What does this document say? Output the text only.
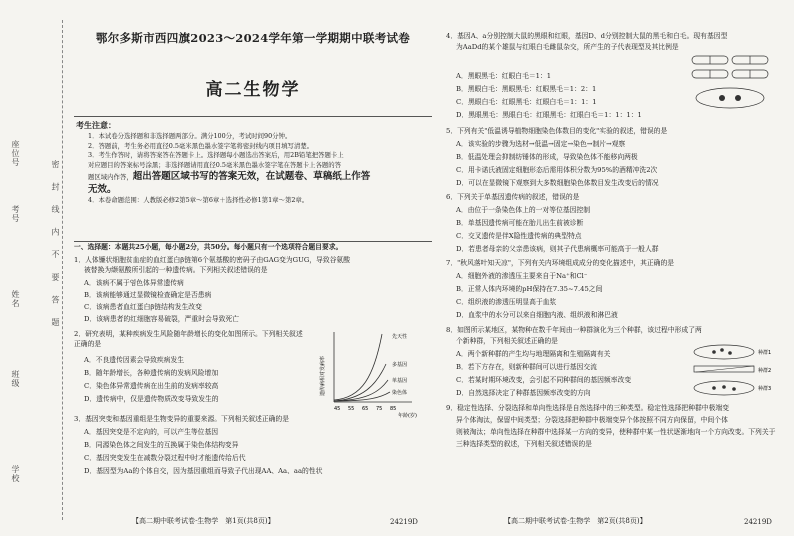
学校
班级
姓名
考号
座位号
密 封 线 内 不 要 答 题
鄂尔多斯市西四旗2023～2024学年第一学期期中联考试卷
高二生物学
考生注意：
1．本试卷分选择题和非选择题两部分。满分100分，考试时间90分钟。
2．答题前，考生务必用直径0.5毫米黑色墨水签字笔将密封线内项目填写清楚。
3．考生作答时，请将答案答在答题卡上。选择题每小题选出答案后，用2B铅笔把答题卡上
对应题目的答案标号涂黑；非选择题请用直径0.5毫米黑色墨水签字笔在答题卡上各题的答
题区域内作答，超出答题区域书写的答案无效，在试题卷、草稿纸上作答
无效。
4．本卷命题范围：人教版必修2第5章～第6章＋选择性必修1第1章～第2章。
一、选择题：本题共25小题，每小题2分，共50分。每小题只有一个选项符合题目要求。
1．人体镰状细胞贫血症的血红蛋白β链第6个氨基酸的密码子由GAG变为GUG，导致谷氨酸
被替换为缬氨酸所引起的一种遗传病。下列相关叙述错误的是
A．该病不属于염色体异常遗传病
B．该病能够通过显微镜检查确定是否患病
C．该病患者血红蛋白β链结构发生改变
D．该病患者的红细胞容易破裂，严重时会导致死亡
2．研究表明，某种疾病发生风险随年龄增长的变化如图所示。下列相关叙述正确的是
A．不良遗传因素会导致疾病发生
B．随年龄增长，各种遗传病的发病风险增加
C．染色体异常遗传病在出生前的发病率较高
D．遗传病中，仅是遗传物质改变导致发生的
先天性
多基因
单基因
染色体
45 55 65 75 85
年龄(岁)
遗传病相对发病率
3．基因突变和基因重组是生物变异的重要来源。下列相关叙述正确的是
A．基因突变是不定向的，可以产生等位基因
B．同源染色体之间发生的互换属于染色体结构变异
C．基因突变发生在减数分裂过程中时才能遗传给后代
D．基因型为Aa的个体自交，因为基因重组而导致子代出现AA、Aa、aa的性状
【高二期中联考试卷·生物学　第1页(共8页)】	24219D
4．基因A、a分别控制大鼠的黑眼和红眼，基因D、d分别控制大鼠的黑毛和白毛。现有基因型
为AaDd的某个雄鼠与红眼白毛雌鼠杂交，所产生的子代表现型及其比例是
A．黑眼黑毛：红眼白毛＝1：1
B．黑眼白毛：黑眼黑毛：红眼黑毛＝1：2：1
C．黑眼白毛：红眼黑毛：红眼白毛＝1：1：1
D．黑眼黑毛：黑眼白毛：红眼黑毛：红眼白毛＝1：1：1：1
5．下列有关"低温诱导植物细胞染色体数目的变化"实验的叙述，错误的是
A．该实验的步骤为选材→低温→固定→染色→制片→观察
B．低温处理会抑制纺锤体的形成，导致染色体不能移向两极
C．用卡诺氏液固定细胞形态后需用体积分数为95%的酒精冲洗2次
D．可以在显微镜下观察到大多数细胞染色体数目发生改变后的情况
6．下列关于单基因遗传病的叙述，错误的是
A．由位于一条染色体上的一对等位基因控制
B．单基因遗传病可能在胎儿出生前被诊断
C．交叉遗传是伴X隐性遗传病的典型特点
D．若患者母亲的父亲患该病，则其子代患病概率可能高于一般人群
7．"秋风落叶知天凉"，下列有关内环境组成成分的变化描述中，其正确的是
A．细胞外液的渗透压主要来自于Na⁺和Cl⁻
B．正常人体内环境的pH保持在7.35~7.45之间
C．组织液的渗透压明显高于血浆
D．血浆中的水分可以来自细胞内液、组织液和淋巴液
8．如图所示某地区，某物种在数千年间由一种群演化为三个种群，该过程中形成了两
个新种群，下列相关叙述正确的是
A．两个新种群的产生均与地理隔离和生殖隔离有关
B．若下方存在，则新种群间可以进行基因交流
C．若某时期环境改变，会引起不同种群间的基因频率改变
D．自然选择决定了种群基因频率改变的方向
种群1
种群2
种群3
9．稳定性选择、分裂选择和单向性选择是自然选择中的三种类型。稳定性选择把种群中极端变
异个体淘汰，保留中间类型；分裂选择把种群中极端变异个体按照不同方向保留，中间个体
则被淘汰；单向性选择在种群中选择某一方向的变异，使种群中某一性状逐渐地向一个方向改变。下列关于
三种选择类型的叙述，下列相关叙述错误的是
【高二期中联考试卷·生物学　第2页(共8页)】	24219D
